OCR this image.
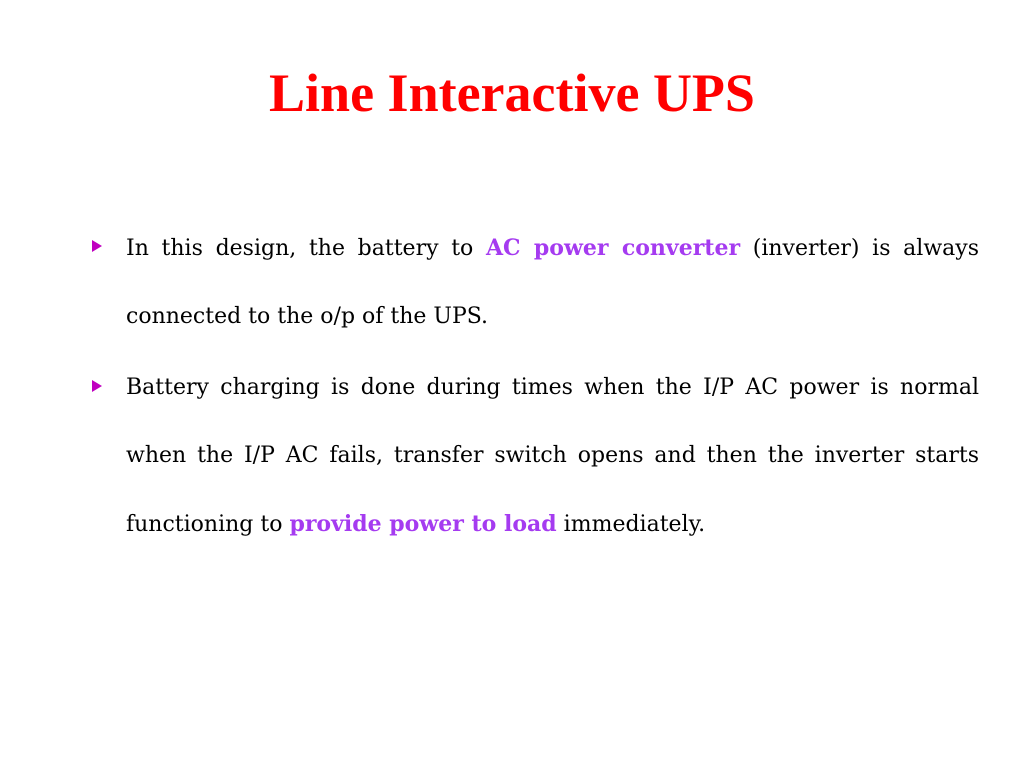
Line Interactive UPS
In this design, the battery to AC power converter (inverter) is always connected to the o/p of the UPS.
Battery charging is done during times when the I/P AC power is normal when the I/P AC fails, transfer switch opens and then the inverter starts functioning to provide power to load immediately.
